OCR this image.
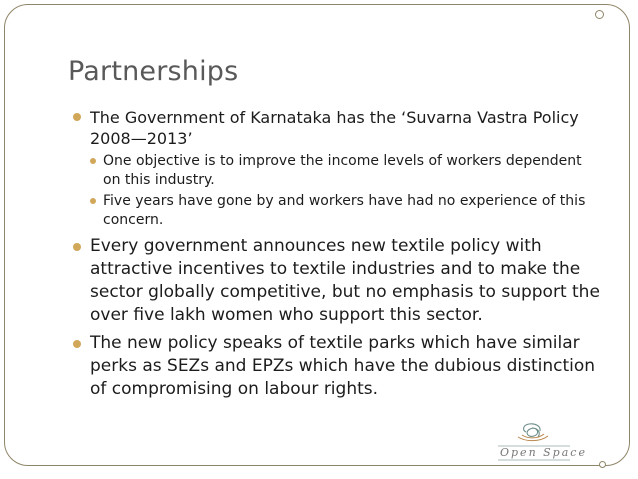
Partnerships
The Government of Karnataka has the ‘Suvarna Vastra Policy 2008—2013’
One objective is to improve the income levels of workers dependent on this industry.
Five years have gone by and workers have had no experience of this concern.
Every government announces new textile policy with attractive incentives to textile industries and to make the sector globally competitive, but no emphasis to support the over five lakh women who support this sector.
The new policy speaks of textile parks which have similar perks as SEZs and EPZs which have the dubious distinction of compromising on labour rights.
Open Space
